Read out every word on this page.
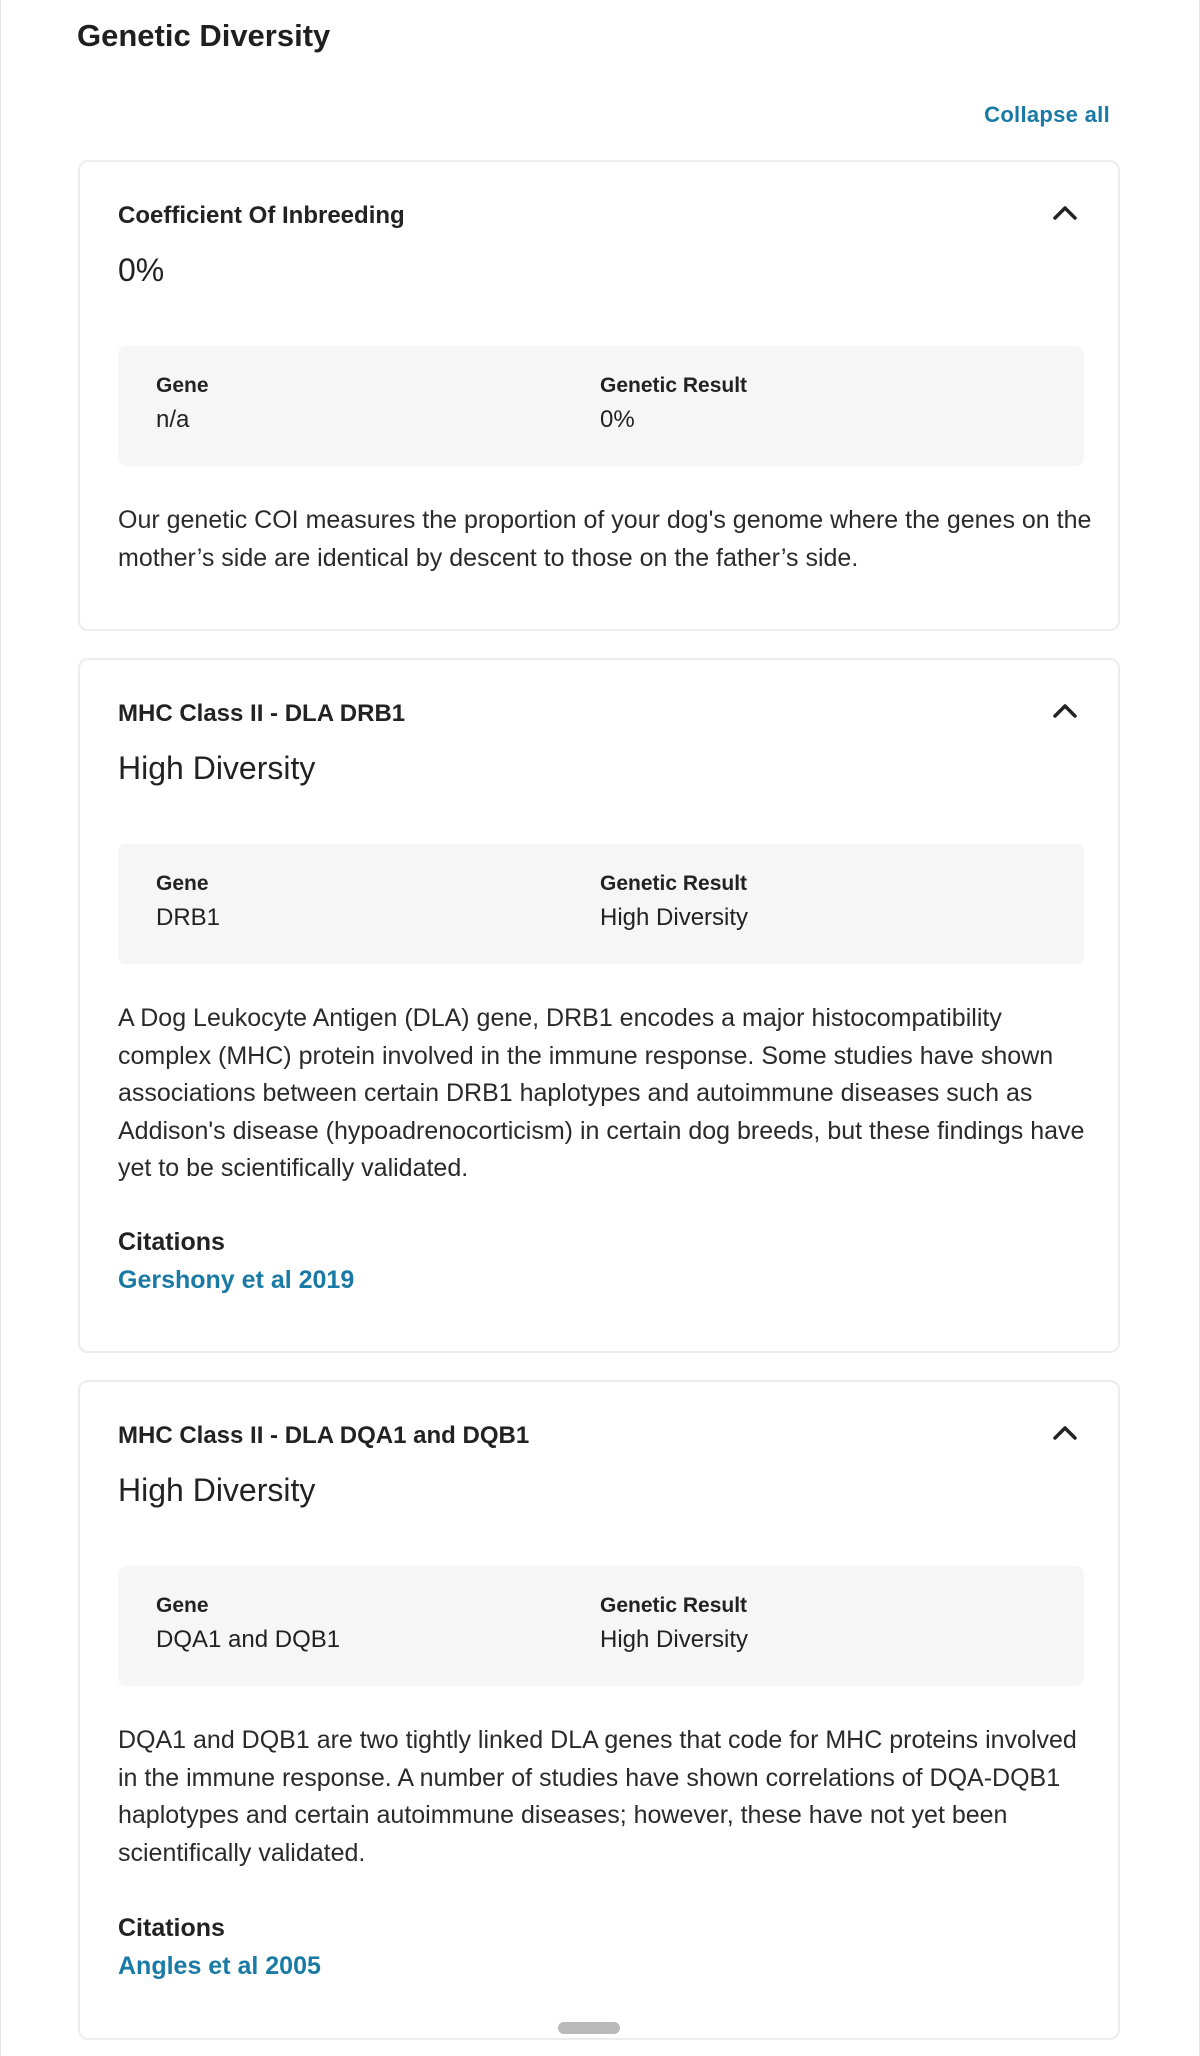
Genetic Diversity
Collapse all
Coefficient Of Inbreeding

0%

Gene

n/a

Genetic Result

0%

Our genetic COI measures the proportion of your dog's genome where the genes on the mother’s side are identical by descent to those on the father’s side.

MHC Class II - DLA DRB1

High Diversity

Gene

DRB1

Genetic Result

High Diversity

A Dog Leukocyte Antigen (DLA) gene, DRB1 encodes a major histocompatibility complex (MHC) protein involved in the immune response. Some studies have shown associations between certain DRB1 haplotypes and autoimmune diseases such as Addison's disease (hypoadrenocorticism) in certain dog breeds, but these findings have yet to be scientifically validated.

Citations

Gershony et al 2019
MHC Class II - DLA DQA1 and DQB1

High Diversity

Gene

DQA1 and DQB1

Genetic Result

High Diversity

DQA1 and DQB1 are two tightly linked DLA genes that code for MHC proteins involved in the immune response. A number of studies have shown correlations of DQA-DQB1 haplotypes and certain autoimmune diseases; however, these have not yet been scientifically validated.

Citations

Angles et al 2005
